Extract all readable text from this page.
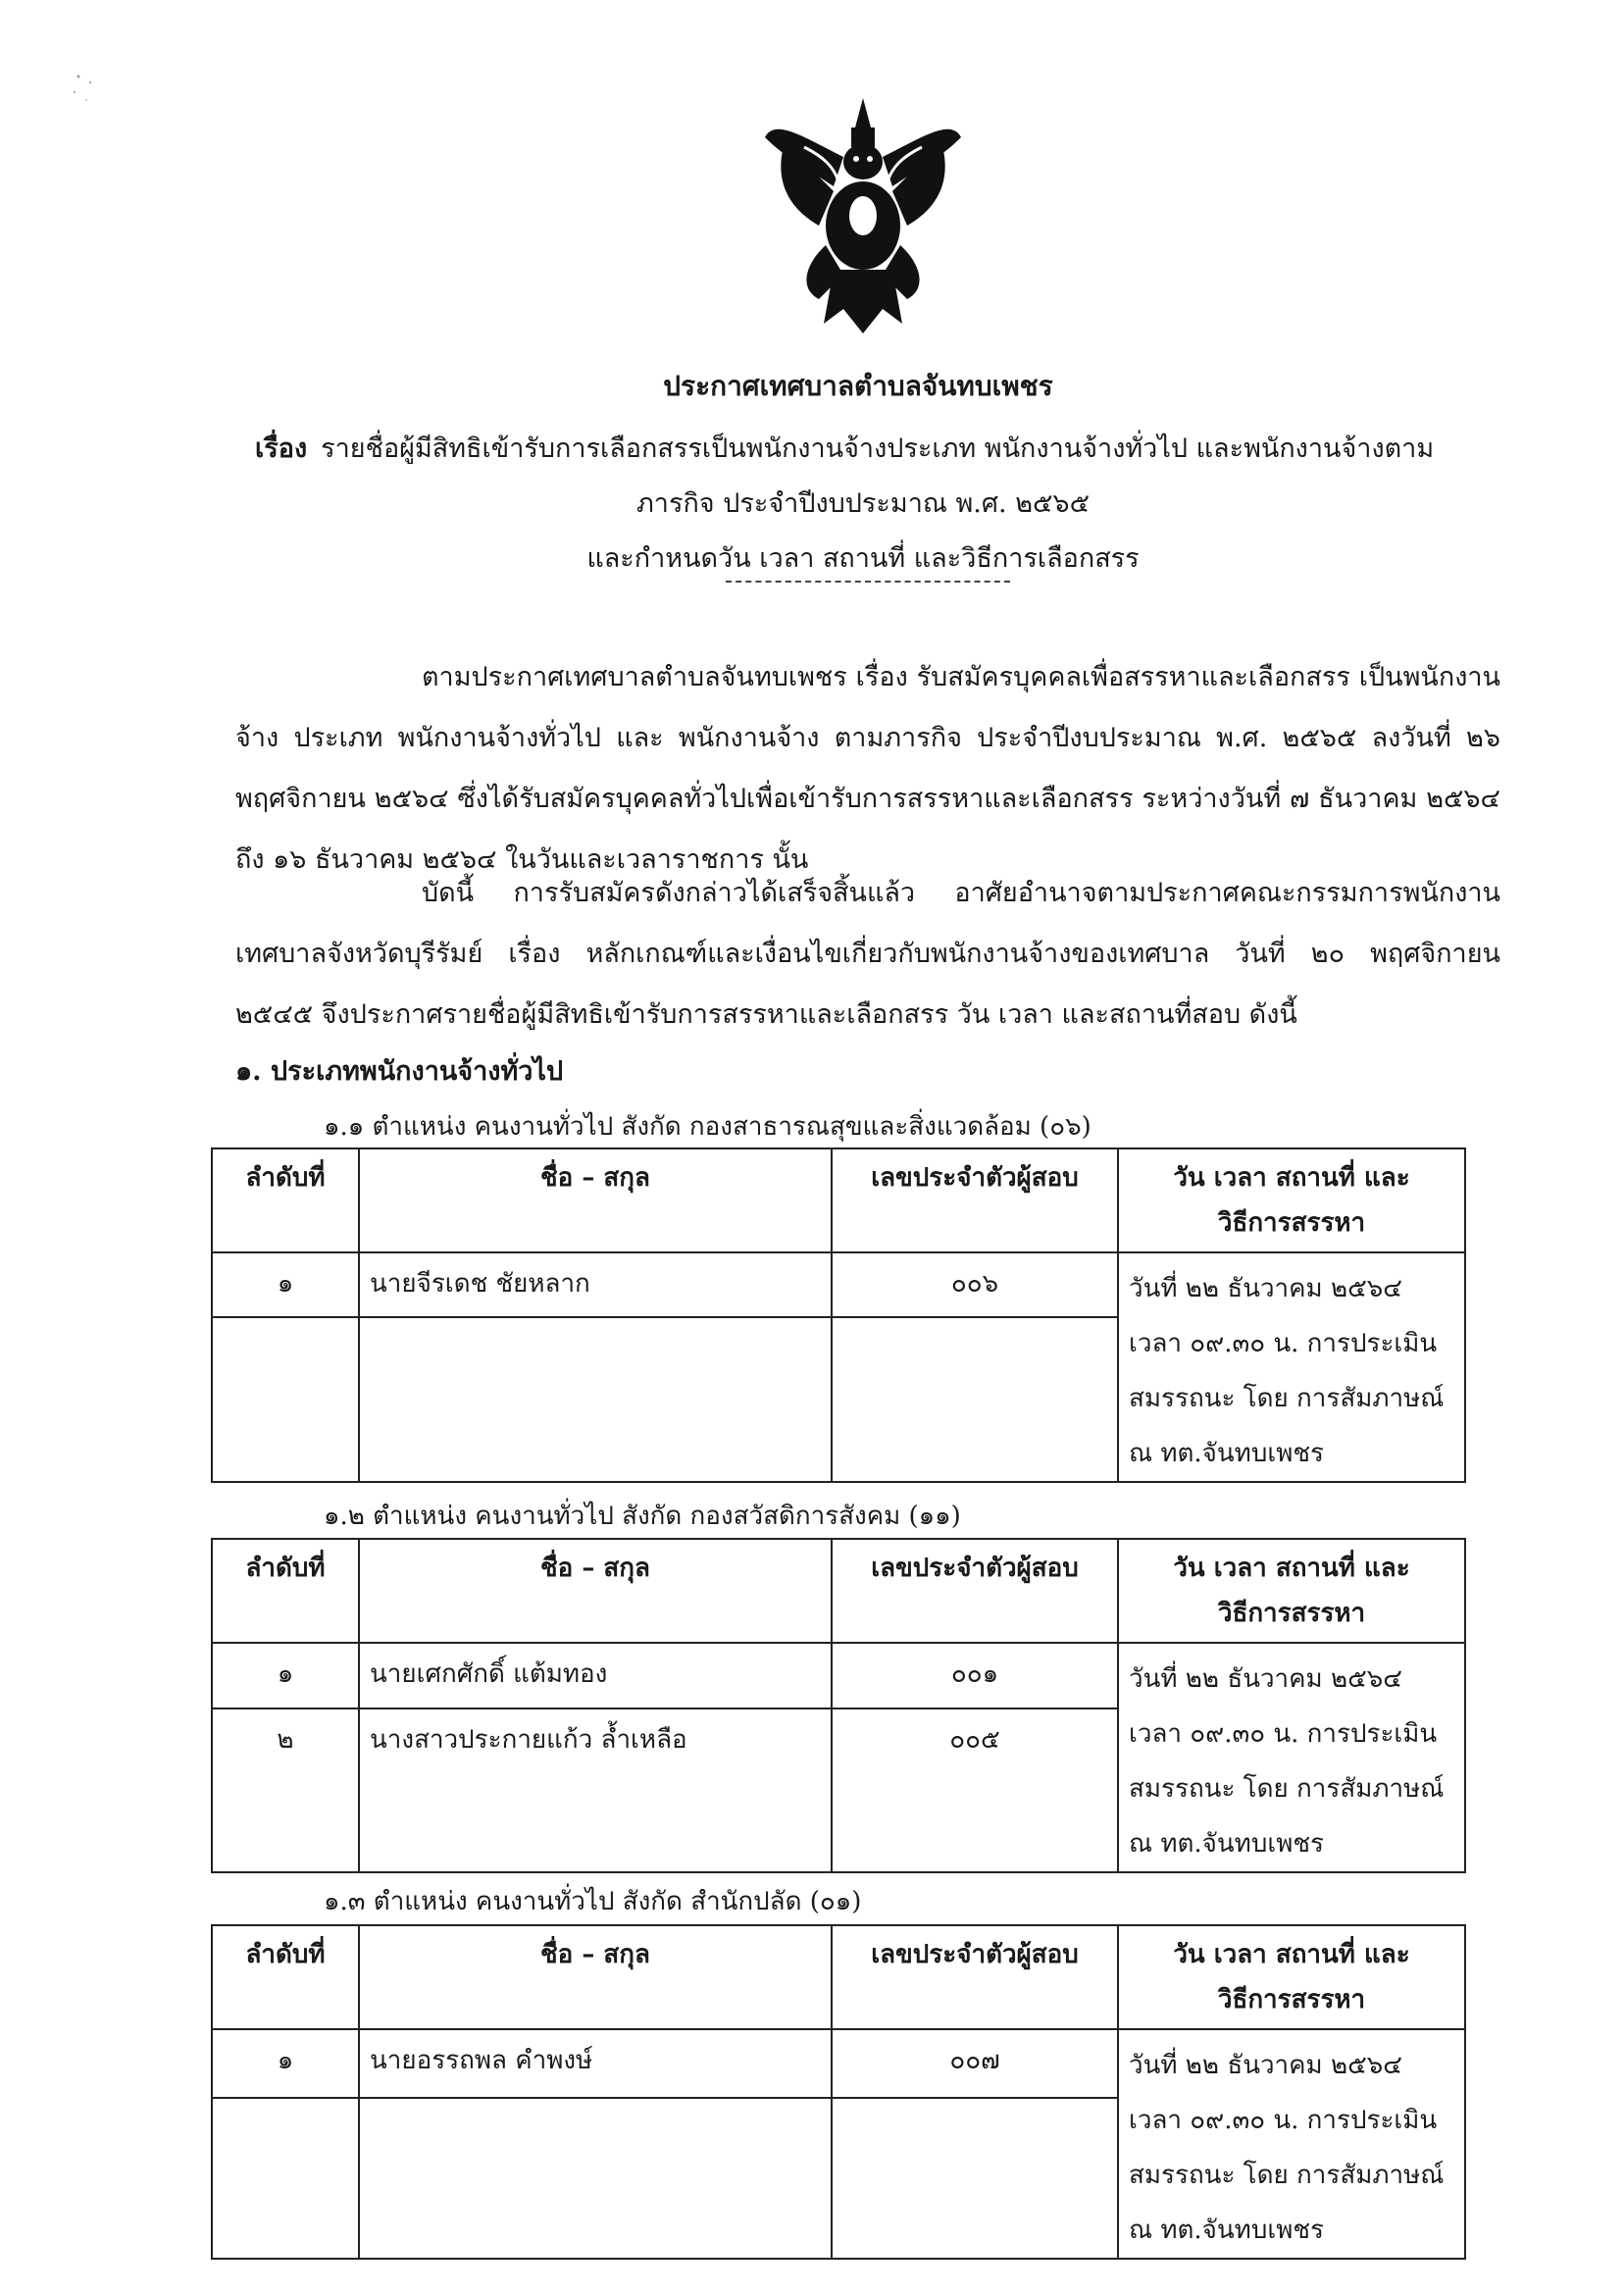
ประกาศเทศบาลตำบลจันทบเพชร
เรื่อง รายชื่อผู้มีสิทธิเข้ารับการเลือกสรรเป็นพนักงานจ้างประเภท พนักงานจ้างทั่วไป และพนักงานจ้างตาม
ภารกิจ ประจำปีงบประมาณ พ.ศ. ๒๕๖๕
และกำหนดวัน เวลา สถานที่ และวิธีการเลือกสรร
ตามประกาศเทศบาลตำบลจันทบเพชร เรื่อง รับสมัครบุคคลเพื่อสรรหาและเลือกสรร เป็นพนักงานจ้าง ประเภท พนักงานจ้างทั่วไป และ พนักงานจ้าง ตามภารกิจ ประจำปีงบประมาณ พ.ศ. ๒๕๖๕ ลงวันที่ ๒๖ พฤศจิกายน ๒๕๖๔ ซึ่งได้รับสมัครบุคคลทั่วไปเพื่อเข้ารับการสรรหาและเลือกสรร ระหว่างวันที่ ๗ ธันวาคม ๒๕๖๔ ถึง ๑๖ ธันวาคม ๒๕๖๔ ในวันและเวลาราชการ นั้น
บัดนี้ การรับสมัครดังกล่าวได้เสร็จสิ้นแล้ว อาศัยอำนาจตามประกาศคณะกรรมการพนักงาน เทศบาลจังหวัดบุรีรัมย์ เรื่อง หลักเกณฑ์และเงื่อนไขเกี่ยวกับพนักงานจ้างของเทศบาล วันที่ ๒๐ พฤศจิกายน ๒๕๔๕ จึงประกาศรายชื่อผู้มีสิทธิเข้ารับการสรรหาและเลือกสรร วัน เวลา และสถานที่สอบ ดังนี้
๑. ประเภทพนักงานจ้างทั่วไป
๑.๑ ตำแหน่ง คนงานทั่วไป สังกัด กองสาธารณสุขและสิ่งแวดล้อม (๐๖)
ลำดับที่	ชื่อ – สกุล	เลขประจำตัวผู้สอบ	วัน เวลา สถานที่ และ
วิธีการสรรหา
๑	นายจีรเดช ชัยหลาก	๐๐๖	วันที่ ๒๒ ธันวาคม ๒๕๖๔
เวลา ๐๙.๓๐ น. การประเมิน
สมรรถนะ โดย การสัมภาษณ์
ณ ทต.จันทบเพชร

๑.๒ ตำแหน่ง คนงานทั่วไป สังกัด กองสวัสดิการสังคม (๑๑)
ลำดับที่	ชื่อ – สกุล	เลขประจำตัวผู้สอบ	วัน เวลา สถานที่ และ
วิธีการสรรหา
๑	นายเศกศักดิ์ แต้มทอง	๐๐๑	วันที่ ๒๒ ธันวาคม ๒๕๖๔
เวลา ๐๙.๓๐ น. การประเมิน
สมรรถนะ โดย การสัมภาษณ์
ณ ทต.จันทบเพชร
๒	นางสาวประกายแก้ว ล้ำเหลือ	๐๐๕	
๑.๓ ตำแหน่ง คนงานทั่วไป สังกัด สำนักปลัด (๐๑)
ลำดับที่	ชื่อ – สกุล	เลขประจำตัวผู้สอบ	วัน เวลา สถานที่ และ
วิธีการสรรหา
๑	นายอรรถพล คำพงษ์	๐๐๗	วันที่ ๒๒ ธันวาคม ๒๕๖๔
เวลา ๐๙.๓๐ น. การประเมิน
สมรรถนะ โดย การสัมภาษณ์
ณ ทต.จันทบเพชร
